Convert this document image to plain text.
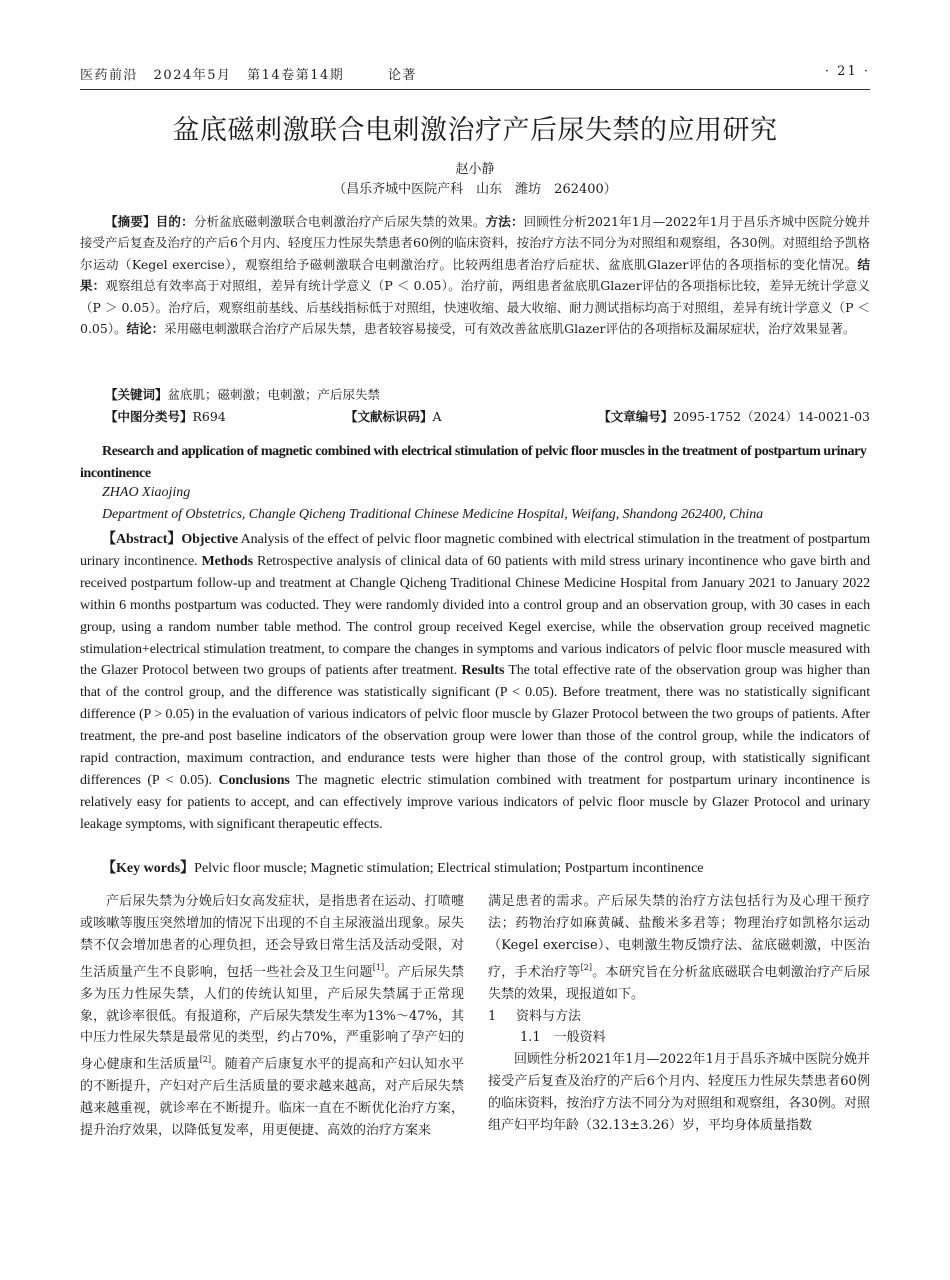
医药前沿 2024年5月 第14卷第14期	论著	· 21 ·
盆底磁刺激联合电刺激治疗产后尿失禁的应用研究
赵小静
（昌乐齐城中医院产科　山东　潍坊　262400）
【摘要】目的：分析盆底磁刺激联合电刺激治疗产后尿失禁的效果。方法：回顾性分析2021年1月—2022年1月于昌乐齐城中医院分娩并接受产后复查及治疗的产后6个月内、轻度压力性尿失禁患者60例的临床资料，按治疗方法不同分为对照组和观察组，各30例。对照组给予凯格尔运动（Kegel exercise），观察组给予磁刺激联合电刺激治疗。比较两组患者治疗后症状、盆底肌Glazer评估的各项指标的变化情况。结果：观察组总有效率高于对照组，差异有统计学意义（P ＜ 0.05）。治疗前，两组患者盆底肌Glazer评估的各项指标比较，差异无统计学意义（P ＞ 0.05）。治疗后，观察组前基线、后基线指标低于对照组，快速收缩、最大收缩、耐力测试指标均高于对照组，差异有统计学意义（P ＜ 0.05）。结论：采用磁电刺激联合治疗产后尿失禁，患者较容易接受，可有效改善盆底肌Glazer评估的各项指标及漏尿症状，治疗效果显著。
【关键词】盆底肌；磁刺激；电刺激；产后尿失禁
【中图分类号】R694	【文献标识码】A	【文章编号】2095-1752（2024）14-0021-03
Research and application of magnetic combined with electrical stimulation of pelvic floor muscles in the treatment of postpartum urinary incontinence
ZHAO Xiaojing
Department of Obstetrics, Changle Qicheng Traditional Chinese Medicine Hospital, Weifang, Shandong 262400, China
【Abstract】Objective Analysis of the effect of pelvic floor magnetic combined with electrical stimulation in the treatment of postpartum urinary incontinence. Methods Retrospective analysis of clinical data of 60 patients with mild stress urinary incontinence who gave birth and received postpartum follow-up and treatment at Changle Qicheng Traditional Chinese Medicine Hospital from January 2021 to January 2022 within 6 months postpartum was coducted. They were randomly divided into a control group and an observation group, with 30 cases in each group, using a random number table method. The control group received Kegel exercise, while the observation group received magnetic stimulation+electrical stimulation treatment, to compare the changes in symptoms and various indicators of pelvic floor muscle measured with the Glazer Protocol between two groups of patients after treatment. Results The total effective rate of the observation group was higher than that of the control group, and the difference was statistically significant (P < 0.05). Before treatment, there was no statistically significant difference (P > 0.05) in the evaluation of various indicators of pelvic floor muscle by Glazer Protocol between the two groups of patients. After treatment, the pre-and post baseline indicators of the observation group were lower than those of the control group, while the indicators of rapid contraction, maximum contraction, and endurance tests were higher than those of the control group, with statistically significant differences (P < 0.05). Conclusions The magnetic electric stimulation combined with treatment for postpartum urinary incontinence is relatively easy for patients to accept, and can effectively improve various indicators of pelvic floor muscle by Glazer Protocol and urinary leakage symptoms, with significant therapeutic effects.
【Key words】Pelvic floor muscle; Magnetic stimulation; Electrical stimulation; Postpartum incontinence

产后尿失禁为分娩后妇女高发症状，是指患者在运动、打喷嚏或咳嗽等腹压突然增加的情况下出现的不自主尿液溢出现象。尿失禁不仅会增加患者的心理负担，还会导致日常生活及活动受限，对生活质量产生不良影响，包括一些社会及卫生问题[1]。产后尿失禁多为压力性尿失禁，人们的传统认知里，产后尿失禁属于正常现象，就诊率很低。有报道称，产后尿失禁发生率为13%～47%，其中压力性尿失禁是最常见的类型，约占70%，严重影响了孕产妇的身心健康和生活质量[2]。随着产后康复水平的提高和产妇认知水平的不断提升，产妇对产后生活质量的要求越来越高，对产后尿失禁越来越重视，就诊率在不断提升。临床一直在不断优化治疗方案，提升治疗效果，以降低复发率，用更便捷、高效的治疗方案来

满足患者的需求。产后尿失禁的治疗方法包括行为及心理干预疗法；药物治疗如麻黄碱、盐酸米多君等；物理治疗如凯格尔运动（Kegel exercise）、电刺激生物反馈疗法、盆底磁刺激，中医治疗，手术治疗等[2]。本研究旨在分析盆底磁联合电刺激治疗产后尿失禁的效果，现报道如下。

1 资料与方法

1.1　一般资料

回顾性分析2021年1月—2022年1月于昌乐齐城中医院分娩并接受产后复查及治疗的产后6个月内、轻度压力性尿失禁患者60例的临床资料，按治疗方法不同分为对照组和观察组，各30例。对照组产妇平均年龄（32.13±3.26）岁，平均身体质量指数
